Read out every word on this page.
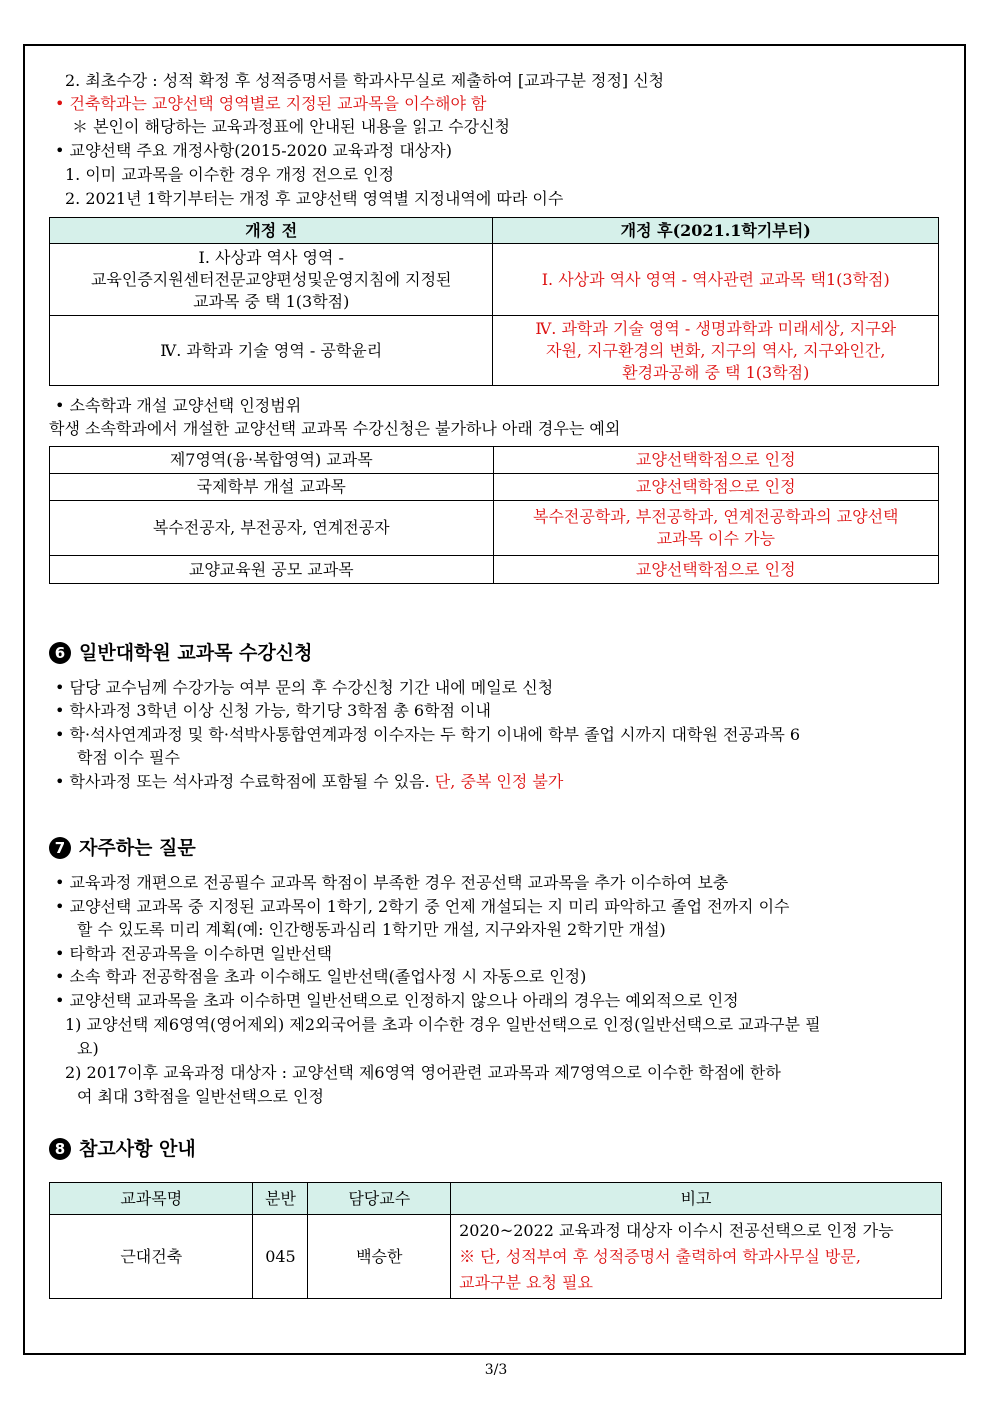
2. 최초수강 : 성적 확정 후 성적증명서를 학과사무실로 제출하여 [교과구분 정정] 신청
• 건축학과는 교양선택 영역별로 지정된 교과목을 이수해야 함
＊ 본인이 해당하는 교육과정표에 안내된 내용을 읽고 수강신청
• 교양선택 주요 개정사항(2015-2020 교육과정 대상자)
1. 이미 교과목을 이수한 경우 개정 전으로 인정
2. 2021년 1학기부터는 개정 후 교양선택 영역별 지정내역에 따라 이수
개정 전	개정 후(2021.1학기부터)

Ⅰ. 사상과 역사 영역 -
교육인증지원센터전문교양편성및운영지침에 지정된
교과목 중 택 1(3학점)	Ⅰ. 사상과 역사 영역 - 역사관련 교과목 택1(3학점)

Ⅳ. 과학과 기술 영역 - 공학윤리	Ⅳ. 과학과 기술 영역 - 생명과학과 미래세상, 지구와
자원, 지구환경의 변화, 지구의 역사, 지구와인간,
환경과공해 중 택 1(3학점)
• 소속학과 개설 교양선택 인정범위
학생 소속학과에서 개설한 교양선택 교과목 수강신청은 불가하나 아래 경우는 예외
제7영역(융·복합영역) 교과목	교양선택학점으로 인정
국제학부 개설 교과목	교양선택학점으로 인정
복수전공자, 부전공자, 연계전공자	복수전공학과, 부전공학과, 연계전공학과의 교양선택
교과목 이수 가능

교양교육원 공모 교과목	교양선택학점으로 인정
6 일반대학원 교과목 수강신청
• 담당 교수님께 수강가능 여부 문의 후 수강신청 기간 내에 메일로 신청
• 학사과정 3학년 이상 신청 가능, 학기당 3학점 총 6학점 이내
• 학·석사연계과정 및 학·석박사통합연계과정 이수자는 두 학기 이내에 학부 졸업 시까지 대학원 전공과목 6
학점 이수 필수
• 학사과정 또는 석사과정 수료학점에 포함될 수 있음. 단, 중복 인정 불가
7 자주하는 질문
• 교육과정 개편으로 전공필수 교과목 학점이 부족한 경우 전공선택 교과목을 추가 이수하여 보충
• 교양선택 교과목 중 지정된 교과목이 1학기, 2학기 중 언제 개설되는 지 미리 파악하고 졸업 전까지 이수
할 수 있도록 미리 계획(예: 인간행동과심리 1학기만 개설, 지구와자원 2학기만 개설)
• 타학과 전공과목을 이수하면 일반선택
• 소속 학과 전공학점을 초과 이수해도 일반선택(졸업사정 시 자동으로 인정)
• 교양선택 교과목을 초과 이수하면 일반선택으로 인정하지 않으나 아래의 경우는 예외적으로 인정
1) 교양선택 제6영역(영어제외) 제2외국어를 초과 이수한 경우 일반선택으로 인정(일반선택으로 교과구분 필
요)
2) 2017이후 교육과정 대상자 : 교양선택 제6영역 영어관련 교과목과 제7영역으로 이수한 학점에 한하
여 최대 3학점을 일반선택으로 인정
8 참고사항 안내
교과목명	분반	담당교수	비고
근대건축	045	백승한	2020~2022 교육과정 대상자 이수시 전공선택으로 인정 가능
※ 단, 성적부여 후 성적증명서 출력하여 학과사무실 방문,
교과구분 요청 필요
3/3
